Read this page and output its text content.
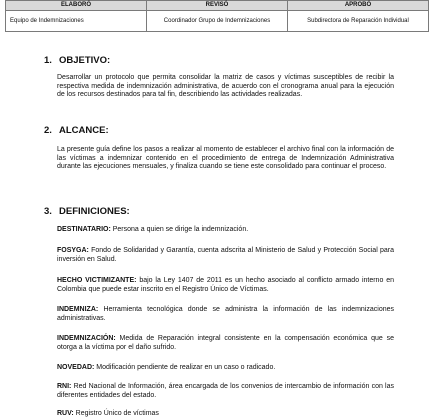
ELABORÓ	REVISÓ	APROBÓ
Equipo de Indemnizaciones	Coordinador Grupo de Indemnizaciones	Subdirectora de Reparación Individual
1. OBJETIVO:

Desarrollar un protocolo que permita consolidar la matriz de casos y víctimas susceptibles de recibir la respectiva medida de indemnización administrativa, de acuerdo con el cronograma anual para la ejecución de los recursos destinados para tal fin, describiendo las actividades realizadas.

2. ALCANCE:

La presente guía define los pasos a realizar al momento de establecer el archivo final con la información de las víctimas a indemnizar contenido en el procedimiento de entrega de Indemnización Administrativa durante las ejecuciones mensuales, y finaliza cuando se tiene este consolidado para continuar el proceso.

3. DEFINICIONES:

DESTINATARIO: Persona a quien se dirige la indemnización.

FOSYGA: Fondo de Solidaridad y Garantía, cuenta adscrita al Ministerio de Salud y Protección Social para inversión en Salud.

HECHO VICTIMIZANTE: bajo la Ley 1407 de 2011 es un hecho asociado al conflicto armado interno en Colombia que puede estar inscrito en el Registro Único de Víctimas.

INDEMNIZA: Herramienta tecnológica donde se administra la información de las indemnizaciones administrativas.

INDEMNIZACIÓN: Medida de Reparación integral consistente en la compensación económica que se otorga a la víctima por el daño sufrido.

NOVEDAD: Modificación pendiente de realizar en un caso o radicado.

RNI: Red Nacional de Información, área encargada de los convenios de intercambio de información con las diferentes entidades del estado.

RUV: Registro Único de víctimas
